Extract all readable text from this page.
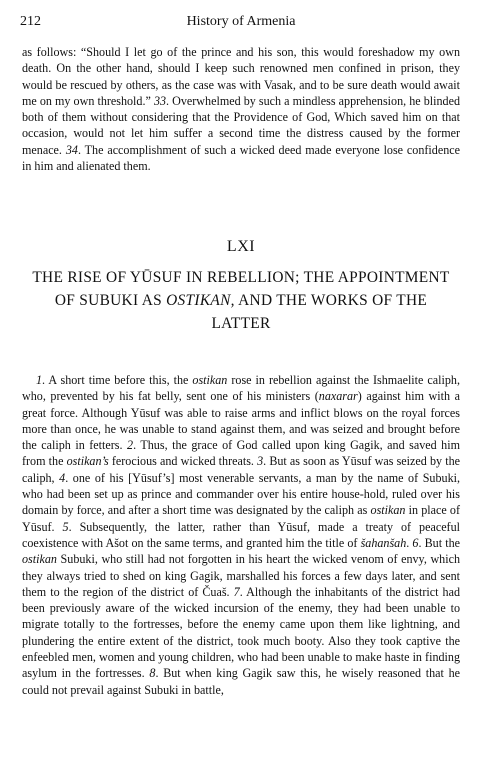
212	History of Armenia

as follows: “Should I let go of the prince and his son, this would foreshadow my own death. On the other hand, should I keep such renowned men confined in prison, they would be rescued by others, as the case was with Vasak, and to be sure death would await me on my own threshold.” 33. Overwhelmed by such a mindless apprehension, he blinded both of them without considering that the Providence of God, Which saved him on that occasion, would not let him suffer a second time the distress caused by the former menace. 34. The accomplishment of such a wicked deed made everyone lose confidence in him and alienated them.

LXI
THE RISE OF YŪSUF IN REBELLION; THE APPOINTMENT OF SUBUKI AS OSTIKAN, AND THE WORKS OF THE LATTER

1. A short time before this, the ostikan rose in rebellion against the Ishmaelite caliph, who, prevented by his fat belly, sent one of his ministers (naxarar) against him with a great force. Although Yūsuf was able to raise arms and inflict blows on the royal forces more than once, he was unable to stand against them, and was seized and brought before the caliph in fetters. 2. Thus, the grace of God called upon king Gagik, and saved him from the ostikan’s ferocious and wicked threats. 3. But as soon as Yūsuf was seized by the caliph, 4. one of his [Yūsuf’s] most venerable servants, a man by the name of Subuki, who had been set up as prince and commander over his entire house-hold, ruled over his domain by force, and after a short time was designated by the caliph as ostikan in place of Yūsuf. 5. Subsequently, the latter, rather than Yūsuf, made a treaty of peaceful coexistence with Ašot on the same terms, and granted him the title of šahanšah. 6. But the ostikan Subuki, who still had not forgotten in his heart the wicked venom of envy, which they always tried to shed on king Gagik, marshalled his forces a few days later, and sent them to the region of the district of Čuaš. 7. Although the inhabitants of the district had been previously aware of the wicked incursion of the enemy, they had been unable to migrate totally to the fortresses, before the enemy came upon them like lightning, and plundering the entire extent of the district, took much booty. Also they took captive the enfeebled men, women and young children, who had been unable to make haste in finding asylum in the fortresses. 8. But when king Gagik saw this, he wisely reasoned that he could not prevail against Subuki in battle,
